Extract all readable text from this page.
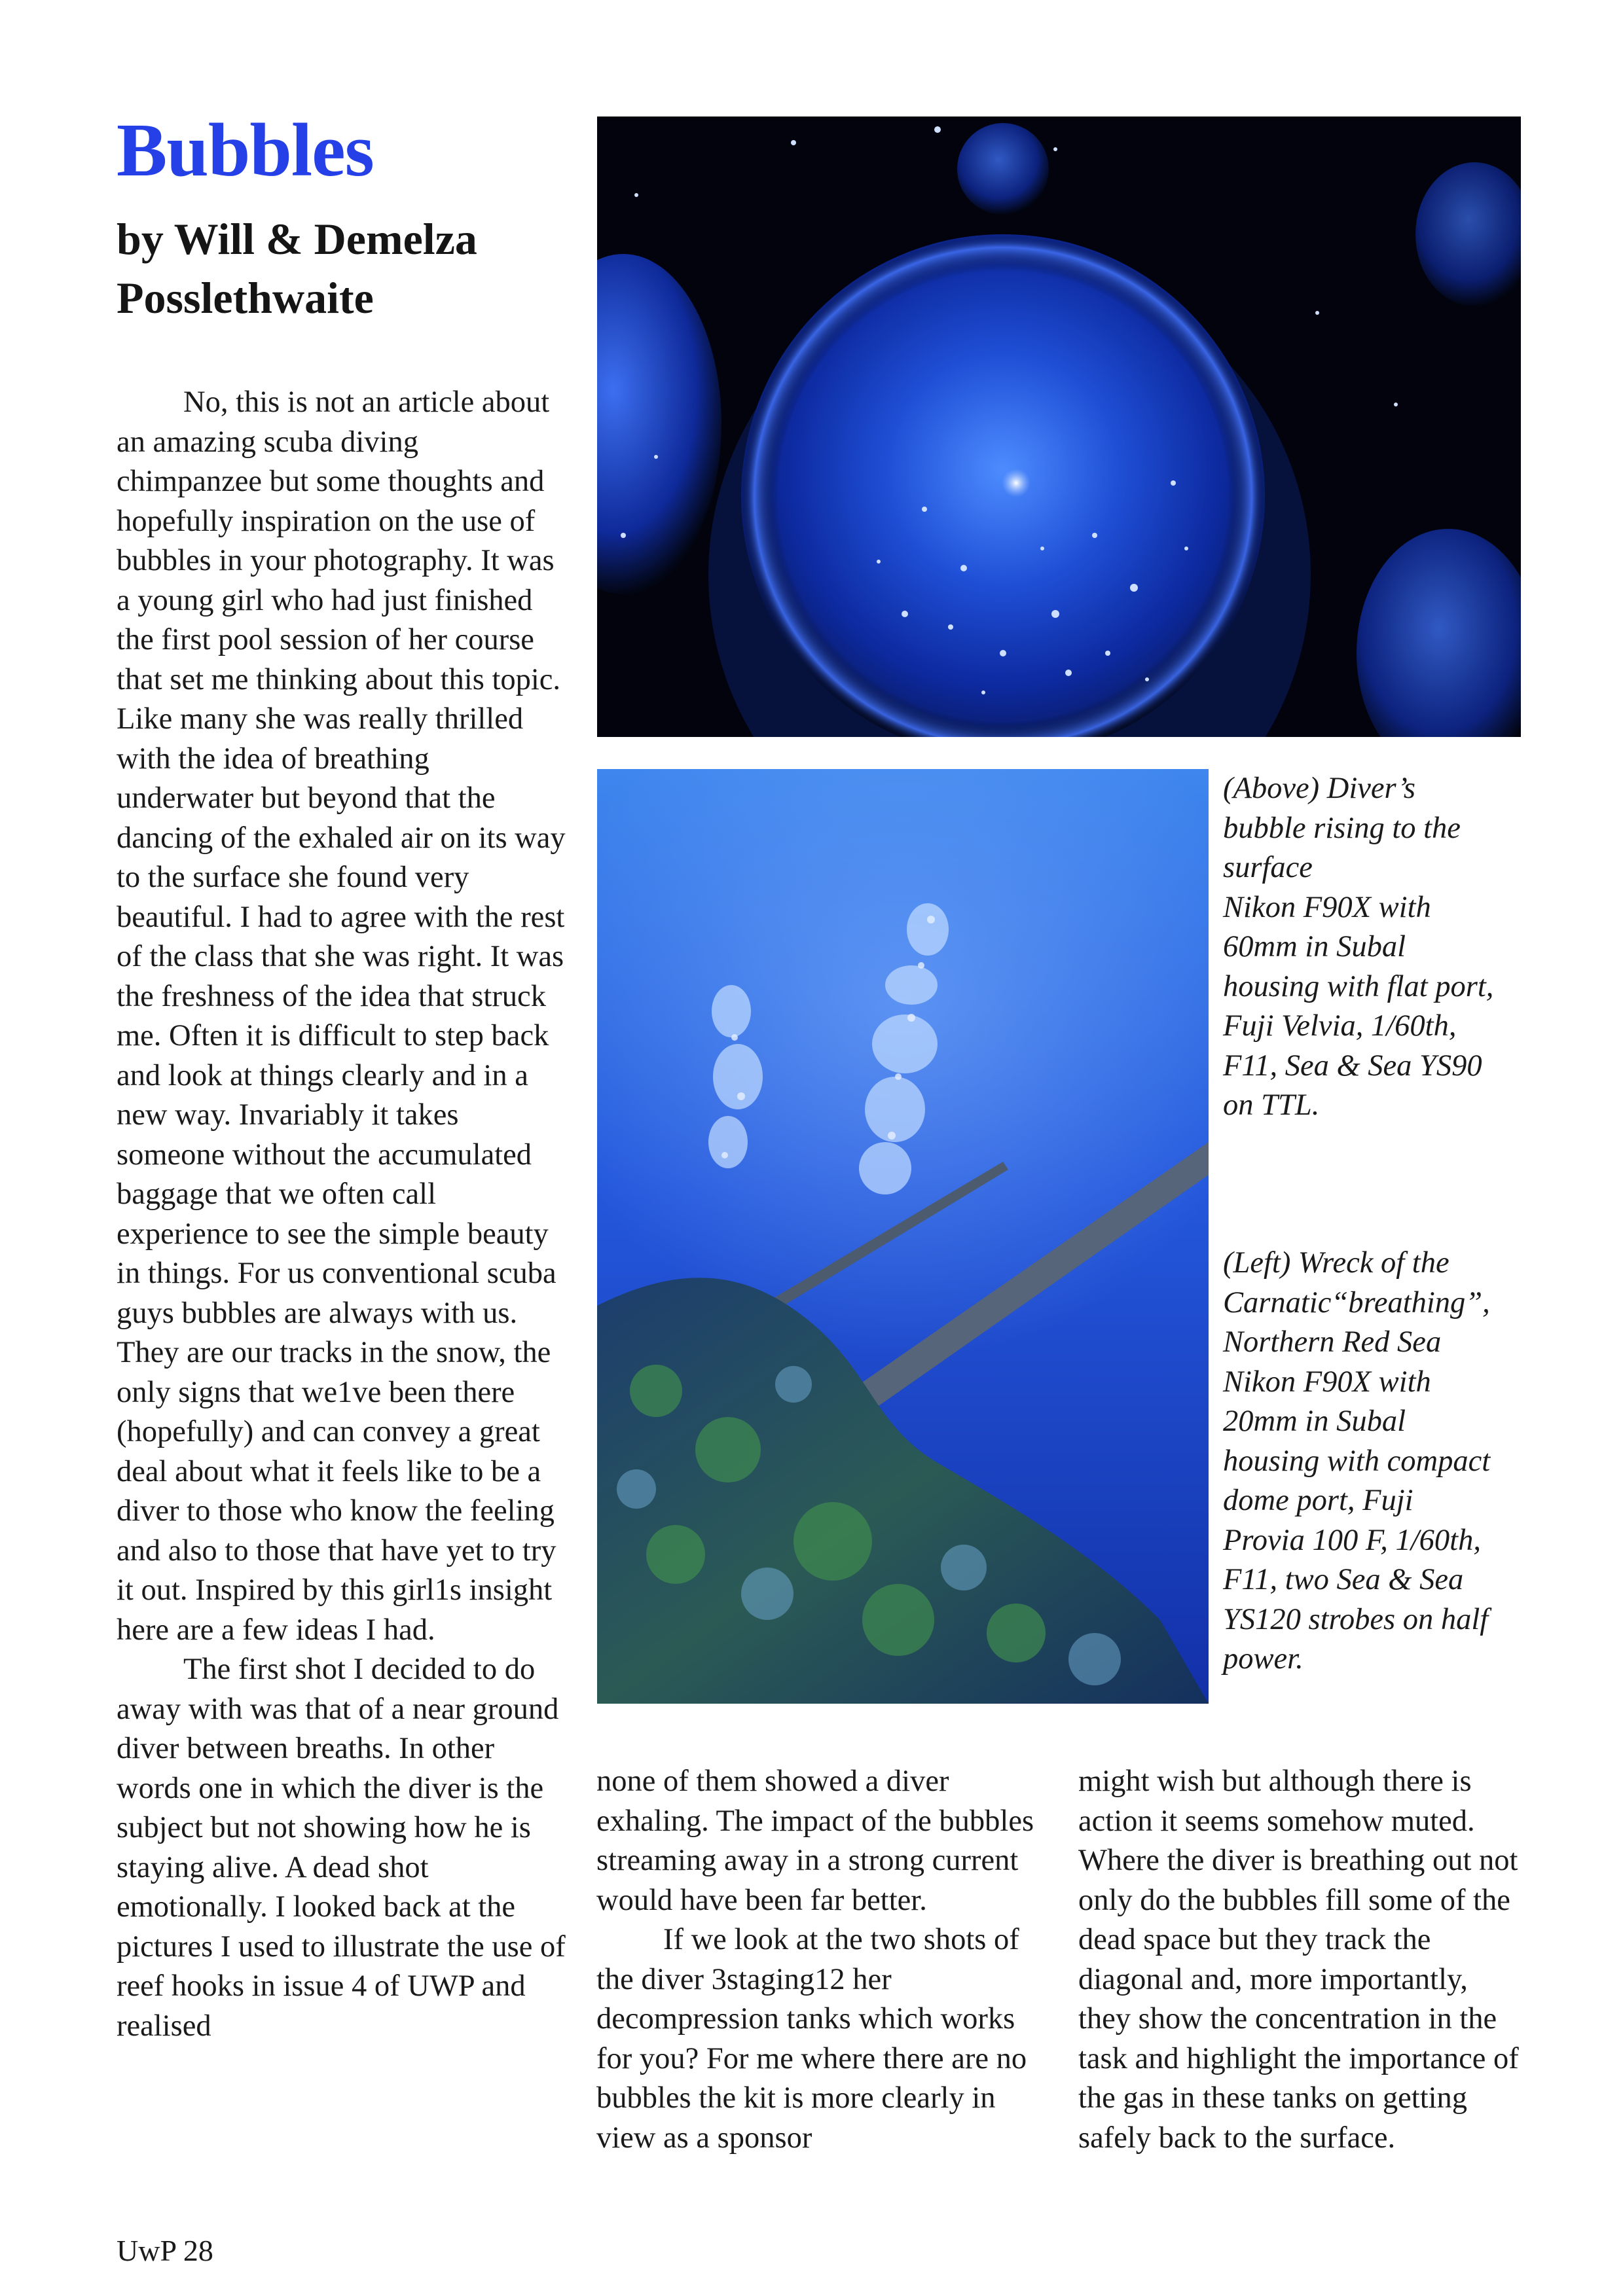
Bubbles
by Will & Demelza Posslethwaite

No, this is not an article about an amazing scuba diving chimpanzee but some thoughts and hopefully inspiration on the use of bubbles in your photography. It was a young girl who had just finished the first pool session of her course that set me thinking about this topic. Like many she was really thrilled with the idea of breathing underwater but beyond that the dancing of the exhaled air on its way to the surface she found very beautiful. I had to agree with the rest of the class that she was right. It was the freshness of the idea that struck me. Often it is difficult to step back and look at things clearly and in a new way. Invariably it takes someone without the accumulated baggage that we often call experience to see the simple beauty in things. For us conventional scuba guys bubbles are always with us. They are our tracks in the snow, the only signs that we1ve been there (hopefully) and can convey a great deal about what it feels like to be a diver to those who know the feeling and also to those that have yet to try it out. Inspired by this girl1s insight here are a few ideas I had.

The first shot I decided to do away with was that of a near ground diver between breaths. In other words one in which the diver is the subject but not showing how he is staying alive. A dead shot emotionally. I looked back at the pictures I used to illustrate the use of reef hooks in issue 4 of UWP and realised

(Above) Diver’s
bubble rising to the
surface
Nikon F90X with
60mm in Subal
housing with flat port,
Fuji Velvia, 1/60th,
F11, Sea & Sea YS90
on TTL.
(Left) Wreck of the
Carnatic“breathing”,
Northern Red Sea
Nikon F90X with
20mm in Subal
housing with compact
dome port, Fuji
Provia 100 F, 1/60th,
F11, two Sea & Sea
YS120 strobes on half
power.

none of them showed a diver exhaling. The impact of the bubbles streaming away in a strong current would have been far better.

If we look at the two shots of the diver 3staging12 her decompression tanks which works for you? For me where there are no bubbles the kit is more clearly in view as a sponsor

might wish but although there is action it seems somehow muted. Where the diver is breathing out not only do the bubbles fill some of the dead space but they track the diagonal and, more importantly, they show the concentration in the task and highlight the importance of the gas in these tanks on getting safely back to the surface.

UwP 28
